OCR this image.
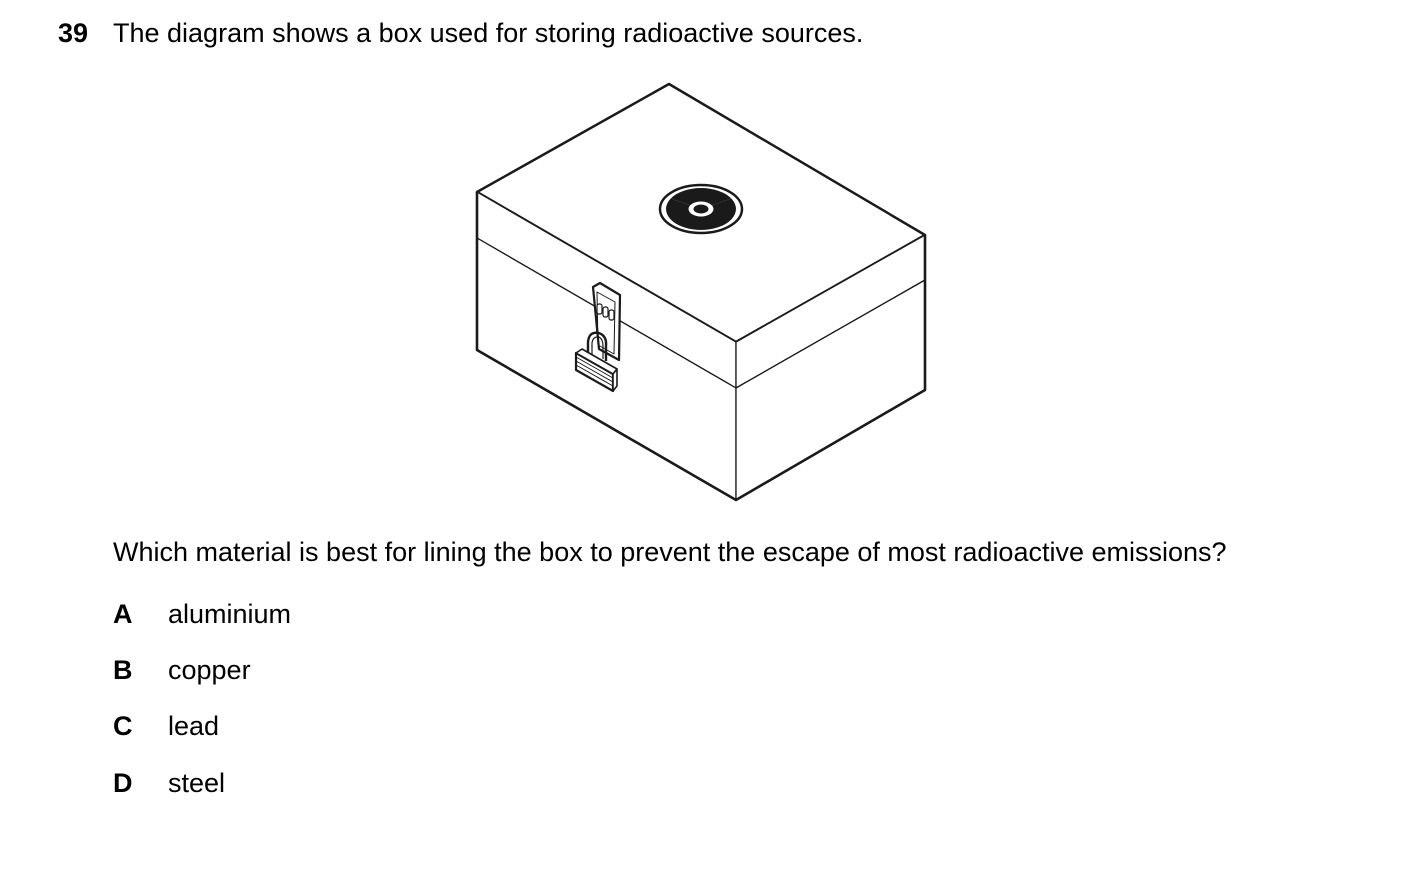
39 The diagram shows a box used for storing radioactive sources.
Which material is best for lining the box to prevent the escape of most radioactive emissions?
A aluminium
B copper
C lead
D steel
